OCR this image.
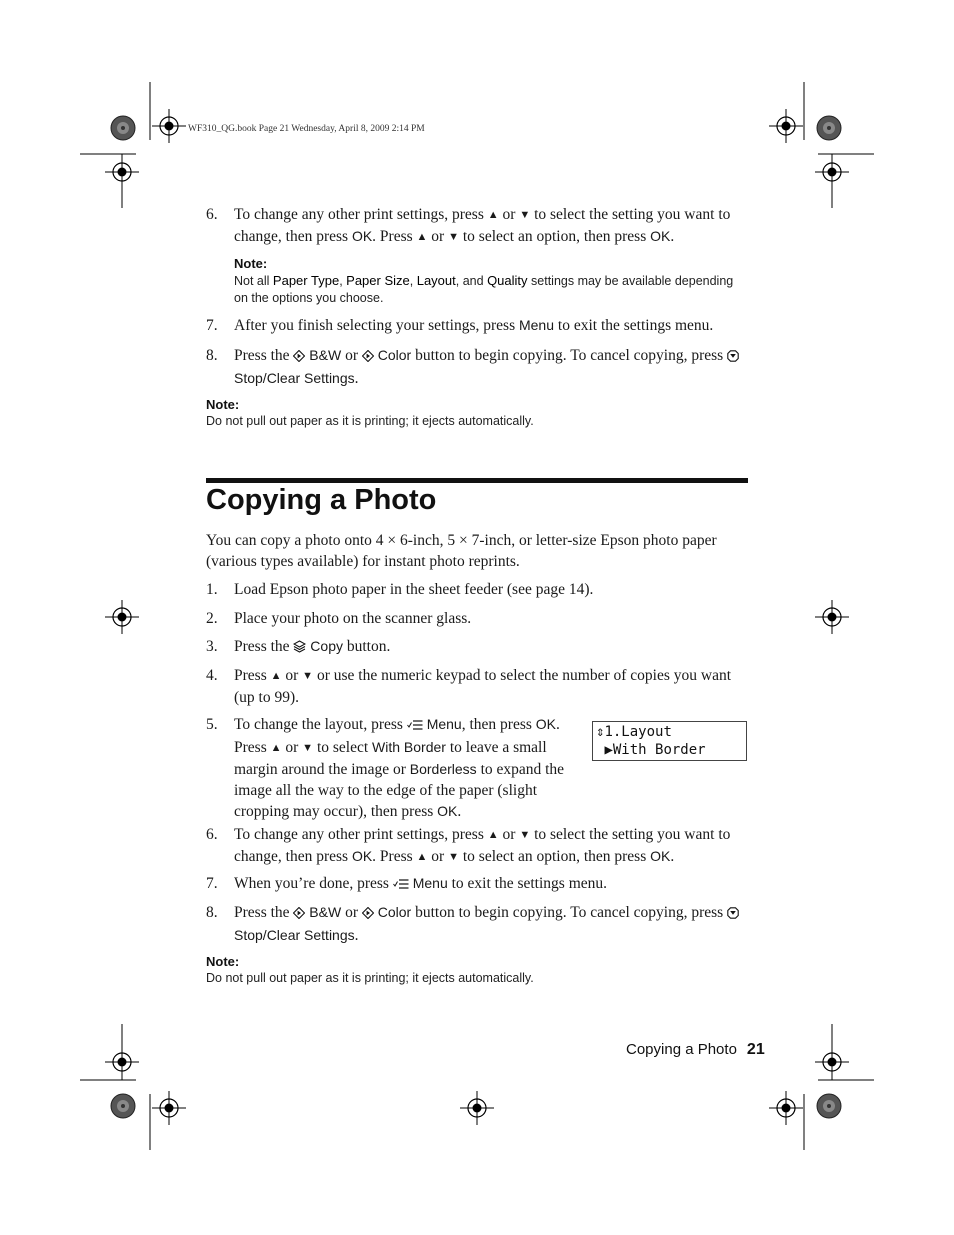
WF310_QG.book Page 21 Wednesday, April 8, 2009 2:14 PM
6. To change any other print settings, press ▲ or ▼ to select the setting you want to change, then press OK. Press ▲ or ▼ to select an option, then press OK.
Note:
Not all Paper Type, Paper Size, Layout, and Quality settings may be available depending on the options you choose.
7. After you finish selecting your settings, press Menu to exit the settings menu.
8. Press the B&W or Color button to begin copying. To cancel copying, press  Stop/Clear Settings.
Note:
Do not pull out paper as it is printing; it ejects automatically.
Copying a Photo
You can copy a photo onto 4 × 6-inch, 5 × 7-inch, or letter-size Epson photo paper (various types available) for instant photo reprints.
1. Load Epson photo paper in the sheet feeder (see page 14).
2. Place your photo on the scanner glass.
3. Press the Copy button.
4. Press ▲ or ▼ or use the numeric keypad to select the number of copies you want (up to 99).
5. To change the layout, press Menu, then press OK. Press ▲ or ▼ to select With Border to leave a small margin around the image or Borderless to expand the image all the way to the edge of the paper (slight cropping may occur), then press OK.
⇕1.Layout
▶With Border
6. To change any other print settings, press ▲ or ▼ to select the setting you want to change, then press OK. Press ▲ or ▼ to select an option, then press OK.
7. When you’re done, press Menu to exit the settings menu.
8. Press the B&W or Color button to begin copying. To cancel copying, press  Stop/Clear Settings.
Note:
Do not pull out paper as it is printing; it ejects automatically.
Copying a Photo 21
